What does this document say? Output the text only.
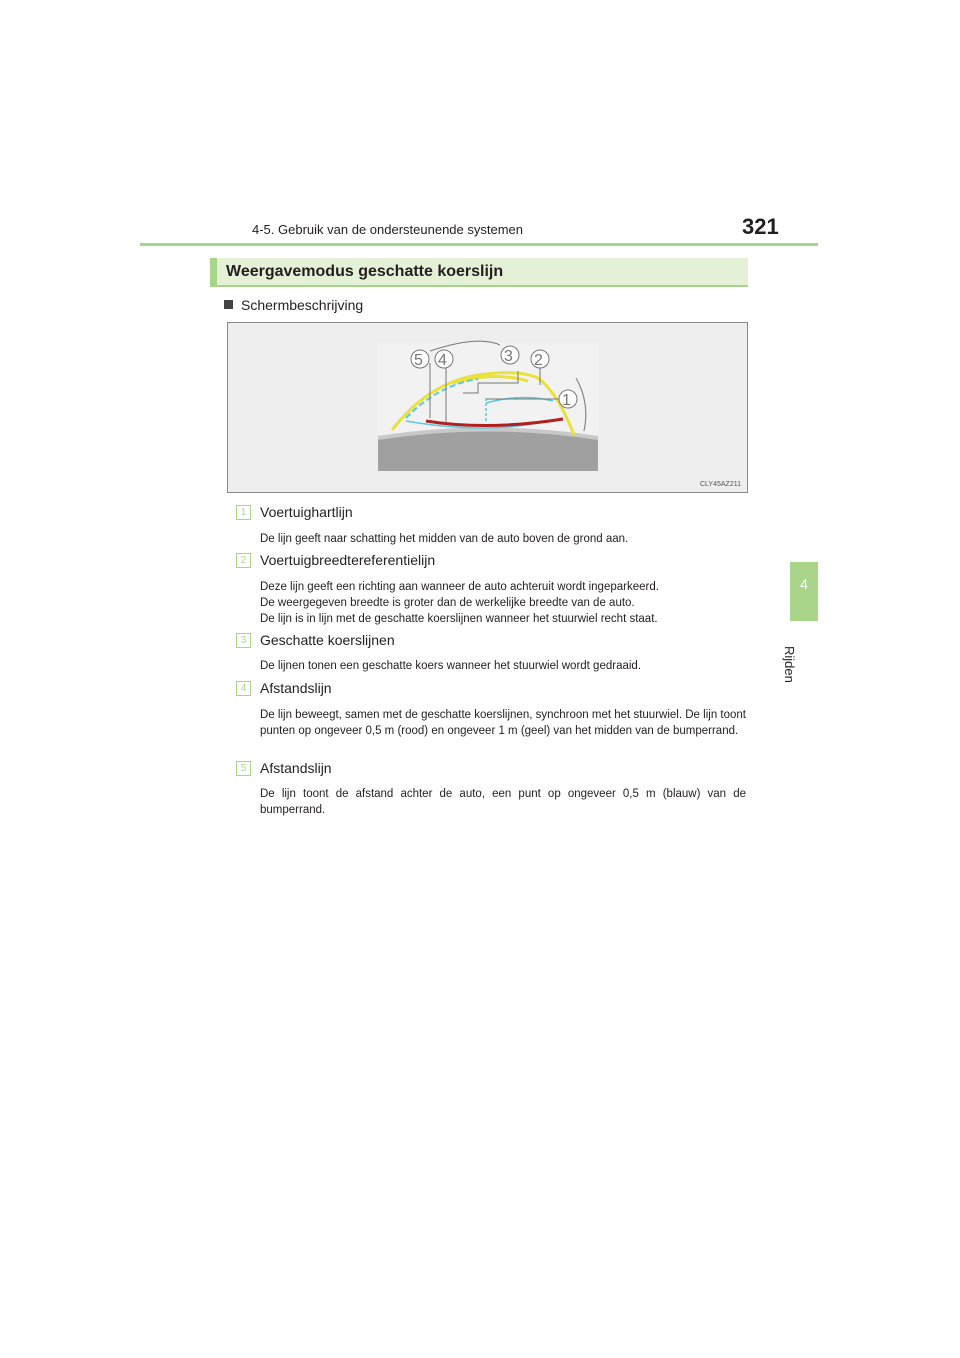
4-5. Gebruik van de ondersteunende systemen	321
4
Rijden
Weergavemodus geschatte koerslijn
Schermbeschrijving
5 4	3 2
1
CLY45AZ211
1 Voertuighartlijn

De lijn geeft naar schatting het midden van de auto boven de grond aan.

2 Voertuigbreedtereferentielijn

Deze lijn geeft een richting aan wanneer de auto achteruit wordt ingeparkeerd.

De weergegeven breedte is groter dan de werkelijke breedte van de auto.

De lijn is in lijn met de geschatte koerslijnen wanneer het stuurwiel recht staat.

3 Geschatte koerslijnen

De lijnen tonen een geschatte koers wanneer het stuurwiel wordt gedraaid.

4 Afstandslijn

De lijn beweegt, samen met de geschatte koerslijnen, synchroon met het stuurwiel. De lijn toont punten op ongeveer 0,5 m (rood) en ongeveer 1 m (geel) van het midden van de bumperrand.

5 Afstandslijn

De lijn toont de afstand achter de auto, een punt op ongeveer 0,5 m (blauw) van de bumperrand.
